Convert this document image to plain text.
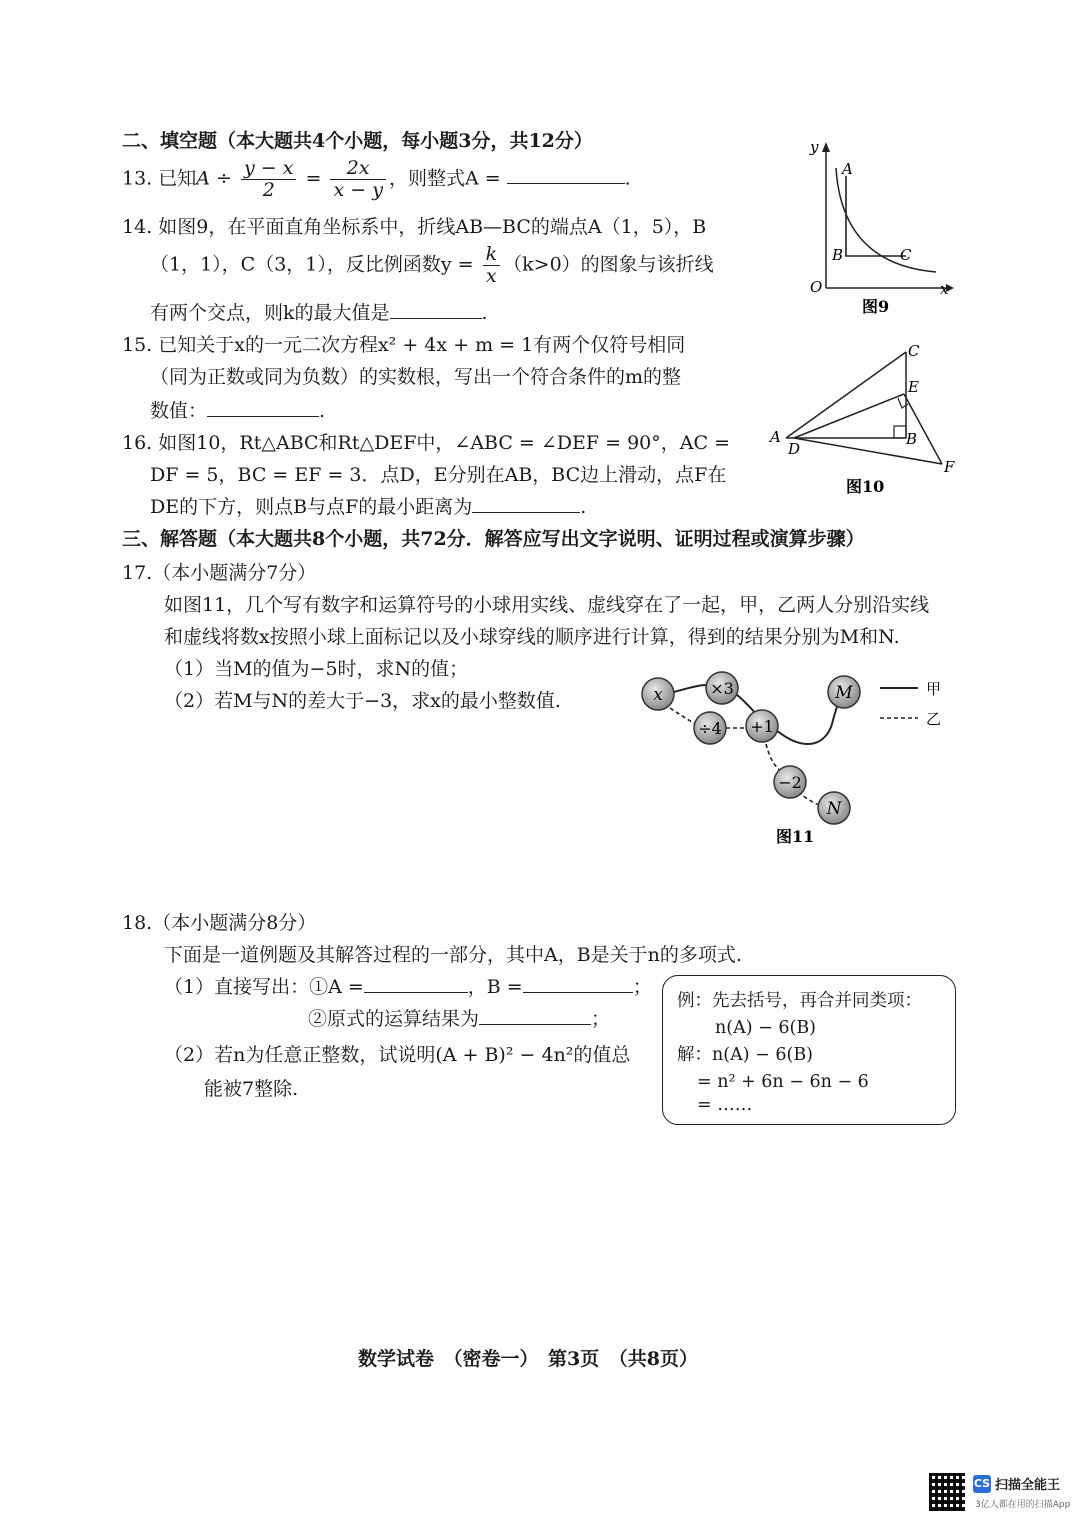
二、填空题（本大题共4个小题，每小题3分，共12分）
13. 已知$A \div \frac{y - x}{2} = \frac{2x}{x - y}$ ，则整式A =	.
14. 如图9，在平面直角坐标系中，折线AB—BC的端点A（1，5），B
（1，1），C（3，1），反比例函数$y = \frac{k}{x} (k>0)$的图象与该折线
有两个交点，则k的最大值是	.
15. 已知关于x的一元二次方程x² + 4x + m = 1有两个仅符号相同
（同为正数或同为负数）的实数根，写出一个符合条件的m的整
数值：	.
16. 如图10，Rt△ABC和Rt△DEF中，∠ABC = ∠DEF = 90°，AC =
DF = 5，BC = EF = 3．点D，E分别在AB，BC边上滑动，点F在
DE的下方，则点B与点F的最小距离为	.
y
x
O
A
B	C
图9
C
E
A
D
B
F
图10
三、解答题（本大题共8个小题，共72分．解答应写出文字说明、证明过程或演算步骤）
17.（本小题满分7分）
如图11，几个写有数字和运算符号的小球用实线、虚线穿在了一起，甲，乙两人分别沿实线
和虚线将数x按照小球上面标记以及小球穿线的顺序进行计算，得到的结果分别为M和N.
（1）当M的值为−5时，求N的值；
（2）若M与N的差大于−3，求x的最小整数值.	x	×3
÷4 +1
M
−2
N
甲
乙
图11
18.（本小题满分8分）
下面是一道例题及其解答过程的一部分，其中A，B是关于n的多项式.
（1）直接写出：①A =	，B =	；
②原式的运算结果为	；
（2）若n为任意正整数，试说明(A + B)² − 4n²的值总
能被7整除.
例：先去括号，再合并同类项：
n(A) − 6(B)
解：n(A) − 6(B)
= n² + 6n − 6n − 6
= ……
数学试卷　（密卷一）　第3页　（共8页）
CS 扫描全能王
3亿人都在用的扫描App
